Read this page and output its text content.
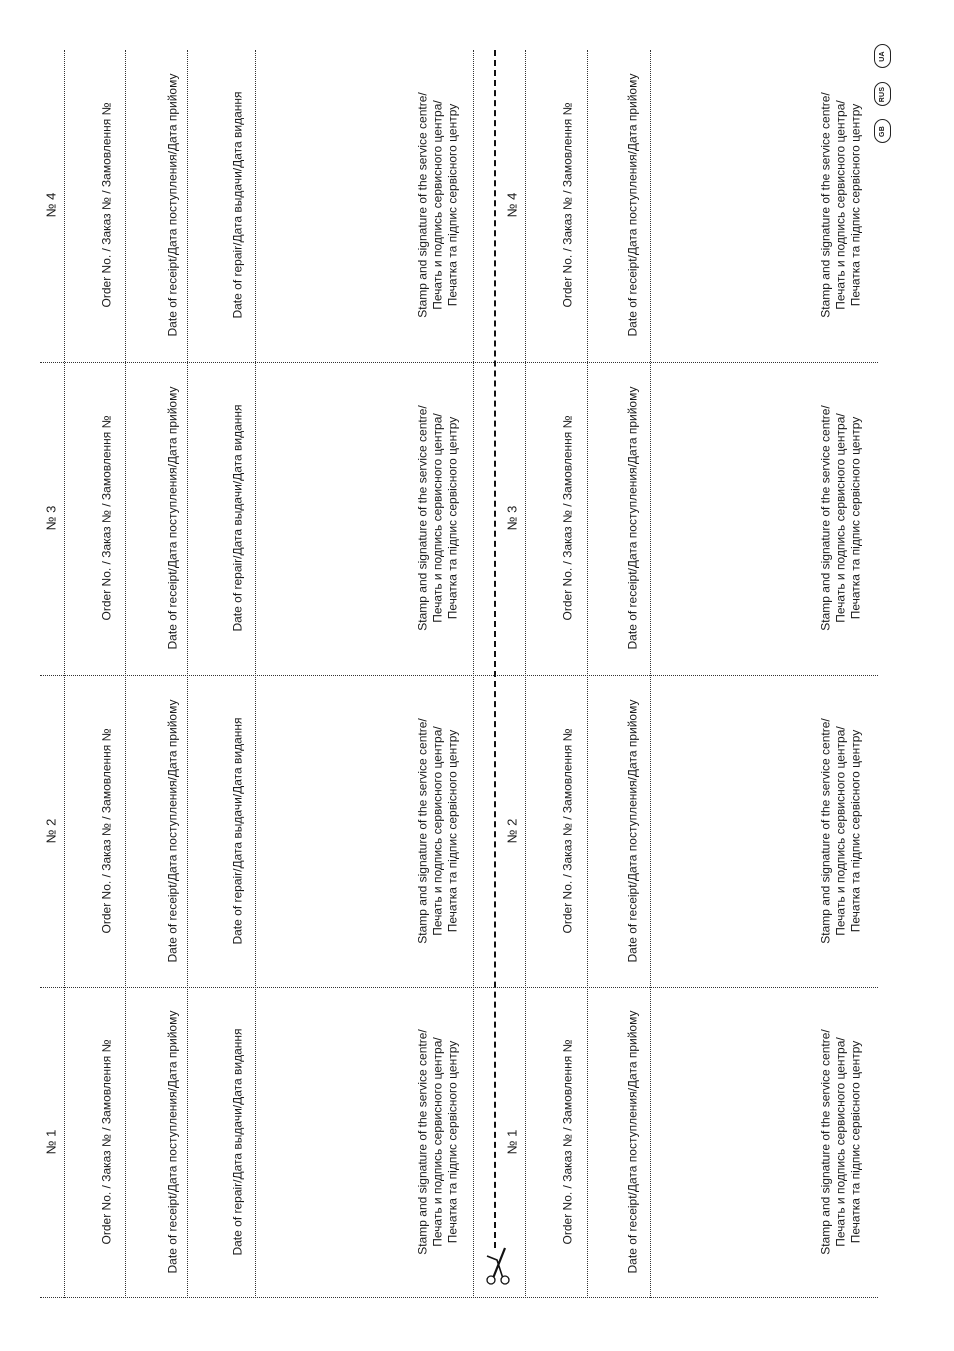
№ 1	Order No. / Заказ № / Замовлення №	Date of receipt/Дата поступления/Дата прийому	Date of repair/Дата выдачи/Дата видання	Stamp and signature of the service centre/ Печать и подпись сервисного центра/ Печатка та підпис сервісного центру
№ 2	Order No. / Заказ № / Замовлення №	Date of receipt/Дата поступления/Дата прийому	Date of repair/Дата выдачи/Дата видання	Stamp and signature of the service centre/ Печать и подпись сервисного центра/ Печатка та підпис сервісного центру
№ 3	Order No. / Заказ № / Замовлення №	Date of receipt/Дата поступления/Дата прийому	Date of repair/Дата выдачи/Дата видання	Stamp and signature of the service centre/ Печать и подпись сервисного центра/ Печатка та підпис сервісного центру
№ 4	Order No. / Заказ № / Замовлення №	Date of receipt/Дата поступления/Дата прийому	Date of repair/Дата выдачи/Дата видання	Stamp and signature of the service centre/ Печать и подпись сервисного центра/ Печатка та підпис сервісного центру
№ 1	Order No. / Заказ № / Замовлення №	Date of receipt/Дата поступления/Дата прийому	Stamp and signature of the service centre/ Печать и подпись сервисного центра/ Печатка та підпис сервісного центру
№ 2	Order No. / Заказ № / Замовлення №	Date of receipt/Дата поступления/Дата прийому	Stamp and signature of the service centre/ Печать и подпись сервисного центра/ Печатка та підпис сервісного центру
№ 3	Order No. / Заказ № / Замовлення №	Date of receipt/Дата поступления/Дата прийому	Stamp and signature of the service centre/ Печать и подпись сервисного центра/ Печатка та підпис сервісного центру
№ 4	Order No. / Заказ № / Замовлення №	Date of receipt/Дата поступления/Дата прийому	Stamp and signature of the service centre/ Печать и подпись сервисного центра/ Печатка та підпис сервісного центру
UA
RUS
GB
